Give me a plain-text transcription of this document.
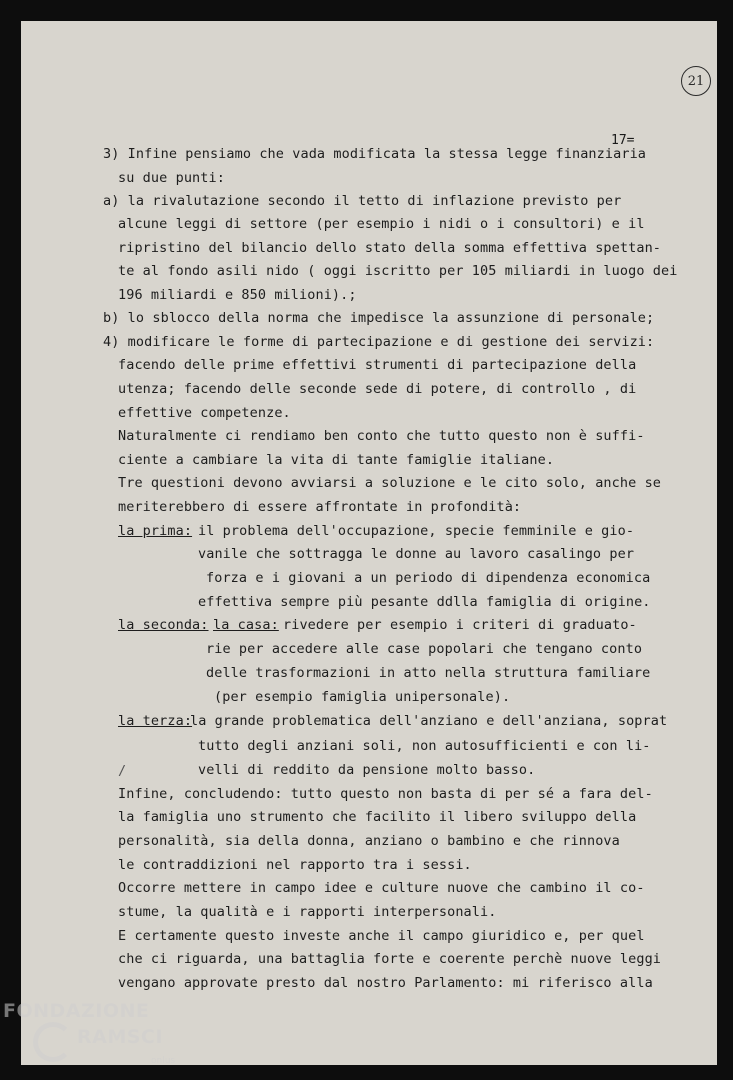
21
17=
3) Infine pensiamo che vada modificata la stessa legge finanziaria
su due punti:
a) la rivalutazione secondo il tetto di inflazione previsto per
alcune leggi di settore (per esempio i nidi o i consultori) e il
ripristino del bilancio dello stato della somma effettiva spettan-
te al fondo asili nido ( oggi iscritto per 105 miliardi in luogo dei
196 miliardi e 850 milioni).;
b) lo sblocco della norma che impedisce la assunzione di personale;
4) modificare le forme di partecipazione e di gestione dei servizi:
facendo delle prime effettivi strumenti di partecipazione della
utenza; facendo delle seconde sede di potere, di controllo , di
effettive competenze.
Naturalmente ci rendiamo ben conto che tutto questo non è suffi-
ciente a cambiare la vita di tante famiglie italiane.
Tre questioni devono avviarsi a soluzione e le cito solo, anche se
meriterebbero di essere affrontate in profondità:
il problema dell'occupazione, specie femminile e gio-
vanile che sottragga le donne au lavoro casalingo per
forza e i giovani a un periodo di dipendenza economica
effettiva sempre più pesante ddlla famiglia di origine.
rivedere per esempio i criteri di graduato-
rie per accedere alle case popolari che tengano conto
delle trasformazioni in atto nella struttura familiare
(per esempio famiglia unipersonale).
la grande problematica dell'anziano e dell'anziana, soprat
tutto degli anziani soli, non autosufficienti e con li-
velli di reddito da pensione molto basso.
Infine, concludendo: tutto questo non basta di per sé a fara del-
la famiglia uno strumento che facilito il libero sviluppo della
personalità, sia della donna, anziano o bambino e che rinnova
le contraddizioni nel rapporto tra i sessi.
Occorre mettere in campo idee e culture nuove che cambino il co-
stume, la qualità e i rapporti interpersonali.
E certamente questo investe anche il campo giuridico e, per quel
che ci riguarda, una battaglia forte e coerente perchè nuove leggi
vengano approvate presto dal nostro Parlamento: mi riferisco alla
la prima:
la seconda: la casa:
la terza:
/
FONDAZIONE
RAMSCI
onlus
